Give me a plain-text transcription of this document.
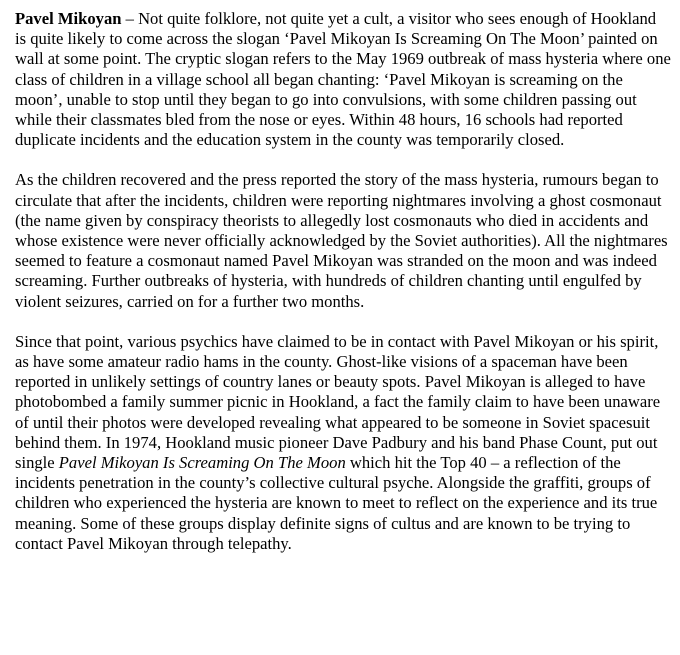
Pavel Mikoyan – Not quite folklore, not quite yet a cult, a visitor who sees enough of Hookland is quite likely to come across the slogan ‘Pavel Mikoyan Is Screaming On The Moon’ painted on wall at some point. The cryptic slogan refers to the May 1969 outbreak of mass hysteria where one class of children in a village school all began chanting: ‘Pavel Mikoyan is screaming on the moon’, unable to stop until they began to go into convulsions, with some children passing out while their classmates bled from the nose or eyes. Within 48 hours, 16 schools had reported duplicate incidents and the education system in the county was temporarily closed.

As the children recovered and the press reported the story of the mass hysteria, rumours began to circulate that after the incidents, children were reporting nightmares involving a ghost cosmonaut (the name given by conspiracy theorists to allegedly lost cosmonauts who died in accidents and whose existence were never officially acknowledged by the Soviet authorities). All the nightmares seemed to feature a cosmonaut named Pavel Mikoyan was stranded on the moon and was indeed screaming. Further outbreaks of hysteria, with hundreds of children chanting until engulfed by violent seizures, carried on for a further two months.

Since that point, various psychics have claimed to be in contact with Pavel Mikoyan or his spirit, as have some amateur radio hams in the county. Ghost-like visions of a spaceman have been reported in unlikely settings of country lanes or beauty spots. Pavel Mikoyan is alleged to have photobombed a family summer picnic in Hookland, a fact the family claim to have been unaware of until their photos were developed revealing what appeared to be someone in Soviet spacesuit behind them. In 1974, Hookland music pioneer Dave Padbury and his band Phase Count, put out single Pavel Mikoyan Is Screaming On The Moon which hit the Top 40 – a reflection of the incidents penetration in the county’s collective cultural psyche. Alongside the graffiti, groups of children who experienced the hysteria are known to meet to reflect on the experience and its true meaning. Some of these groups display definite signs of cultus and are known to be trying to contact Pavel Mikoyan through telepathy.
